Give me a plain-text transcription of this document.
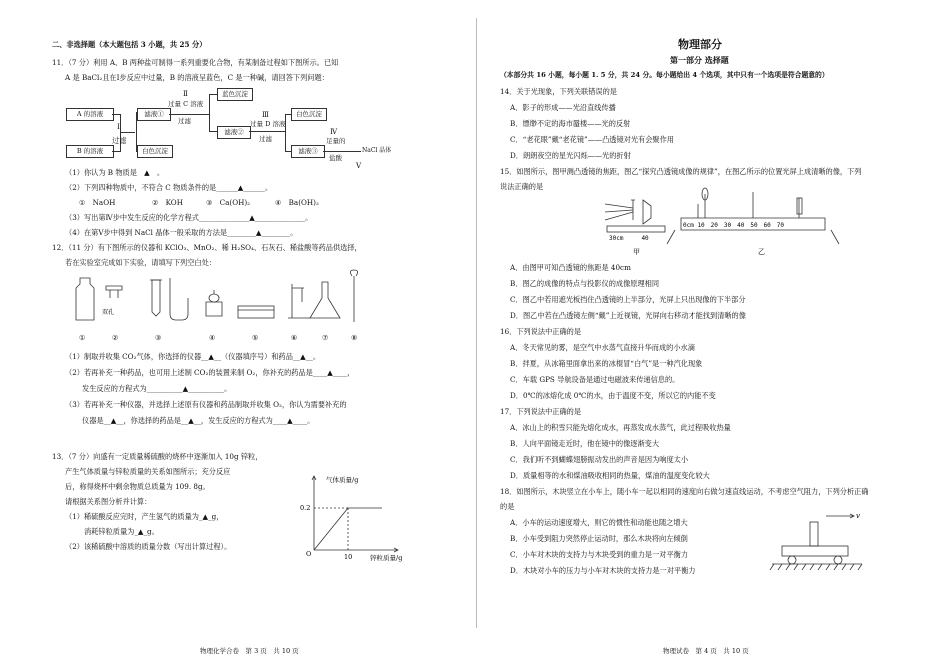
二、非选择题（本大题包括 3 小题，共 25 分）
11．（7 分）利用 A、B 两种盐可制得一系列重要化合物，有某制备过程如下图所示。已知
A 是 BaCl₂且在Ⅰ步反应中过量，B 的溶液呈蓝色，C 是一种碱，请回答下列问题：
A 的溶液
B 的溶液
Ⅰ
过滤
滤液①
白色沉淀
Ⅱ
过量 C 溶液
过滤
蓝色沉淀
滤液②
Ⅲ
过量 D 溶液
过滤
白色沉淀
滤液③
Ⅳ
足量的
盐酸
NaCl 晶体
Ⅴ
（1）你认为 B 物质是　 ▲　。
（2）下列四种物质中，不符合 C 物质条件的是______▲______。
①　NaOH	②　KOH	③　Ca(OH)₂	④　Ba(OH)₂
（3）写出第Ⅳ步中发生反应的化学方程式______________▲______________。
（4）在第Ⅴ步中得到 NaCl 晶体一般采取的方法是________▲________。
12．（11 分）有下图所示的仪器和 KClO₃、MnO₂、稀 H₂SO₄、石灰石、稀盐酸等药品供选择，
若在实验室完成如下实验，请填写下列空白处：
双孔
①	②	③	④	⑤	⑥	⑦	⑧
（1）制取并收集 CO₂气体，你选择的仪器__▲__（仪器填序号）和药品__▲__。
（2）若再补充一种药品，也可用上述制 CO₂的装置来制 O₂，你补充的药品是____▲____，
发生反应的方程式为__________▲__________。
（3）若再补充一种仪器，并选择上述原有仪器和药品制取并收集 O₂，你认为需要补充的
仪器是__▲__，你选择的药品是__▲__，发生反应的方程式为____▲____。
13．（7 分）向盛有一定质量稀硫酸的烧杯中逐渐加入 10g 锌粒，
产生气体质量与锌粒质量的关系如图所示；充分反应
后，称得烧杯中剩余物质总质量为 109. 8g。
请根据关系图分析并计算：
（1）稀硫酸反应完时，产生氢气的质量为_▲_g，
消耗锌粒质量为_▲_g。
（2）该稀硫酸中溶质的质量分数（写出计算过程）。
气体质量/g
0.2
10
O	锌粒质量/g
物理化学合卷　第 3 页　共 10 页
物理部分
第一部分 选择题
（本部分共 16 小题，每小题 1. 5 分，共 24 分。每小题给出 4 个选项，其中只有一个选项是符合题意的）
14．关于光现象，下列关联错误的是
A．影子的形成——光沿直线传播
B．缥缈不定的海市蜃楼——光的反射
C．“老花眼”戴“老花镜”——凸透镜对光有会聚作用
D．朗朗夜空的星光闪烁——光的折射
15．如图所示，图甲测凸透镜的焦距，图乙“探究凸透镜成像的规律”，在图乙所示的位置光屏上成清晰的像，下列
说法正确的是
30cm　　　40
0cm 10　20　30　40　50　60　70
甲	乙
A．由图甲可知凸透镜的焦距是 40cm
B．图乙的成像的特点与投影仪的成像原理相同
C．图乙中若用遮光板挡住凸透镜的上半部分，光屏上只出现像的下半部分
D．图乙中若在凸透镜左侧“戴”上近视镜，光屏向右移动才能找到清晰的像
16．下列说法中正确的是
A．冬天常见的雾，是空气中水蒸气直接升华而成的小水滴
B．拌夏，从冰箱里面拿出来的冰棍冒“白气”是一种汽化现象
C．车载 GPS 导航设备是通过电磁波来传递信息的。
D．0℃的冰熔化成 0℃的水，由于温度不变，所以它的内能不变
17．下列说法中正确的是
A．冰山上的积雪只能先熔化成水，再蒸发成水蒸气，此过程吸收热量
B．人向平面镜走近时，他在镜中的像逐渐变大
C．我们听不到蝴蝶翅膀振动发出的声音是因为响度太小
D．质量相等的水和煤油吸收相同的热量，煤油的温度变化较大
18．如图所示，木块竖立在小车上，随小车一起以相同的速度向右做匀速直线运动，不考虑空气阻力，下列分析正确
的是
A．小车的运动速度增大，则它的惯性和动能也随之增大
B．小车受到阻力突然停止运动时，那么木块将向左倾倒
C．小车对木块的支持力与木块受到的重力是一对平衡力
D．木块对小车的压力与小车对木块的支持力是一对平衡力
v
物理试卷　第 4 页　共 10 页
